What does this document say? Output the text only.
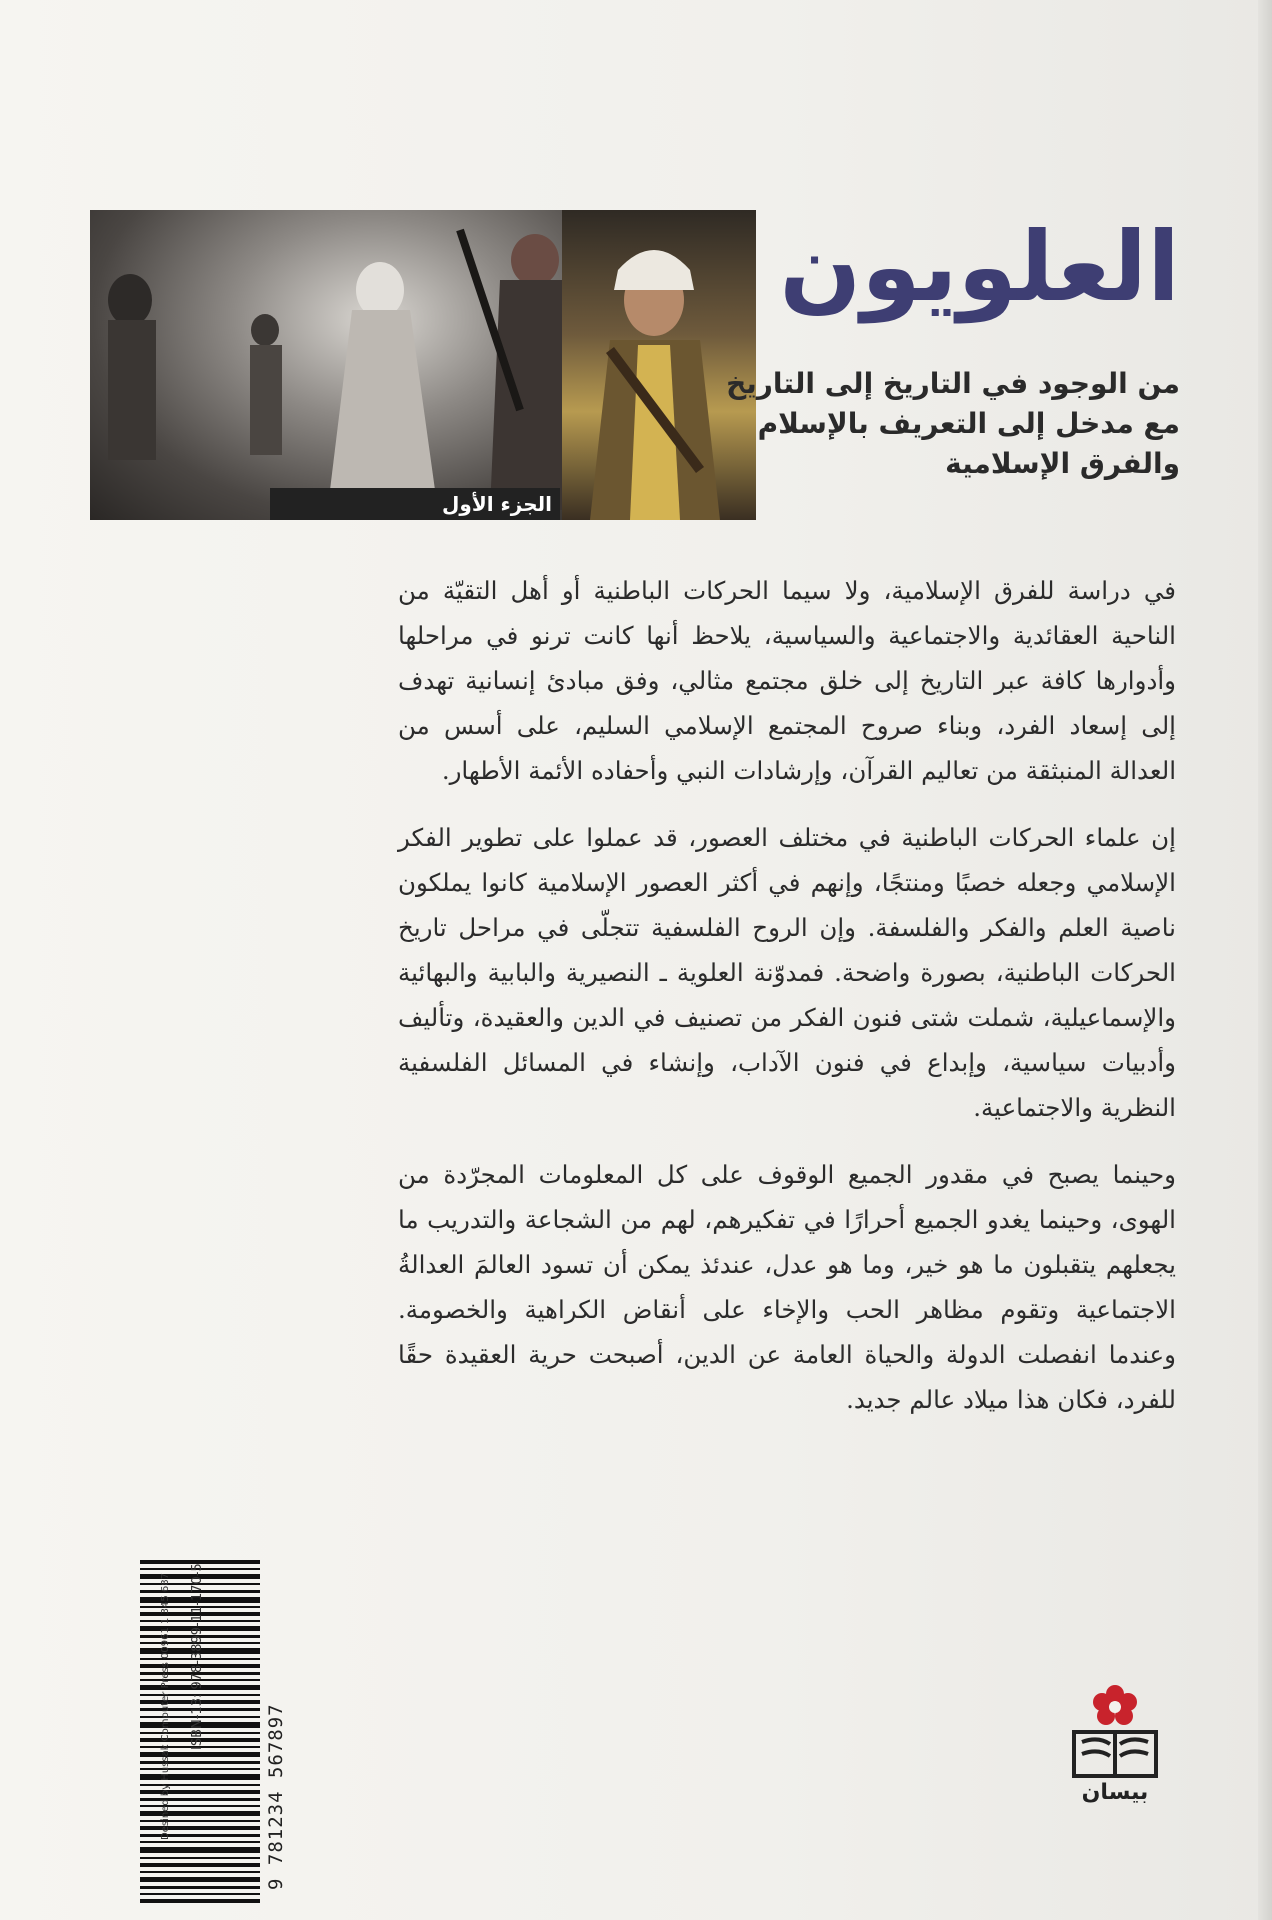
الجزء الأول
العلويون
من الوجود في التاريخ إلى التاريخ
مع مدخل إلى التعريف بالإسلام
والفرق الإسلامية

في دراسة للفرق الإسلامية، ولا سيما الحركات الباطنية أو أهل التقيّة من الناحية العقائدية والاجتماعية والسياسية، يلاحظ أنها كانت ترنو في مراحلها وأدوارها كافة عبر التاريخ إلى خلق مجتمع مثالي، وفق مبادئ إنسانية تهدف إلى إسعاد الفرد، وبناء صروح المجتمع الإسلامي السليم، على أسس من العدالة المنبثقة من تعاليم القرآن، وإرشادات النبي وأحفاده الأئمة الأطهار.

إن علماء الحركات الباطنية في مختلف العصور، قد عملوا على تطوير الفكر الإسلامي وجعله خصبًا ومنتجًا، وإنهم في أكثر العصور الإسلامية كانوا يملكون ناصية العلم والفكر والفلسفة. وإن الروح الفلسفية تتجلّى في مراحل تاريخ الحركات الباطنية، بصورة واضحة. فمدوّنة العلوية ـ النصيرية والبابية والبهائية والإسماعيلية، شملت شتى فنون الفكر من تصنيف في الدين والعقيدة، وتأليف وأدبيات سياسية، وإبداع في فنون الآداب، وإنشاء في المسائل الفلسفية النظرية والاجتماعية.

وحينما يصبح في مقدور الجميع الوقوف على كل المعلومات المجرّدة من الهوى، وحينما يغدو الجميع أحرارًا في تفكيرهم، لهم من الشجاعة والتدريب ما يجعلهم يتقبلون ما هو خير، وما هو عدل، عندئذ يمكن أن تسود العالمَ العدالةُ الاجتماعية وتقوم مظاهر الحب والإخاء على أنقاض الكراهية والخصومة. وعندما انفصلت الدولة والحياة العامة عن الدين، أصبحت حرية العقيدة حقًا للفرد، فكان هذا ميلاد عالم جديد.

ISBN-13: 978-3899-11-170-5
Desined by Hussak Computer Press 00961 1 345 687	9 781234 567897	بيسان
